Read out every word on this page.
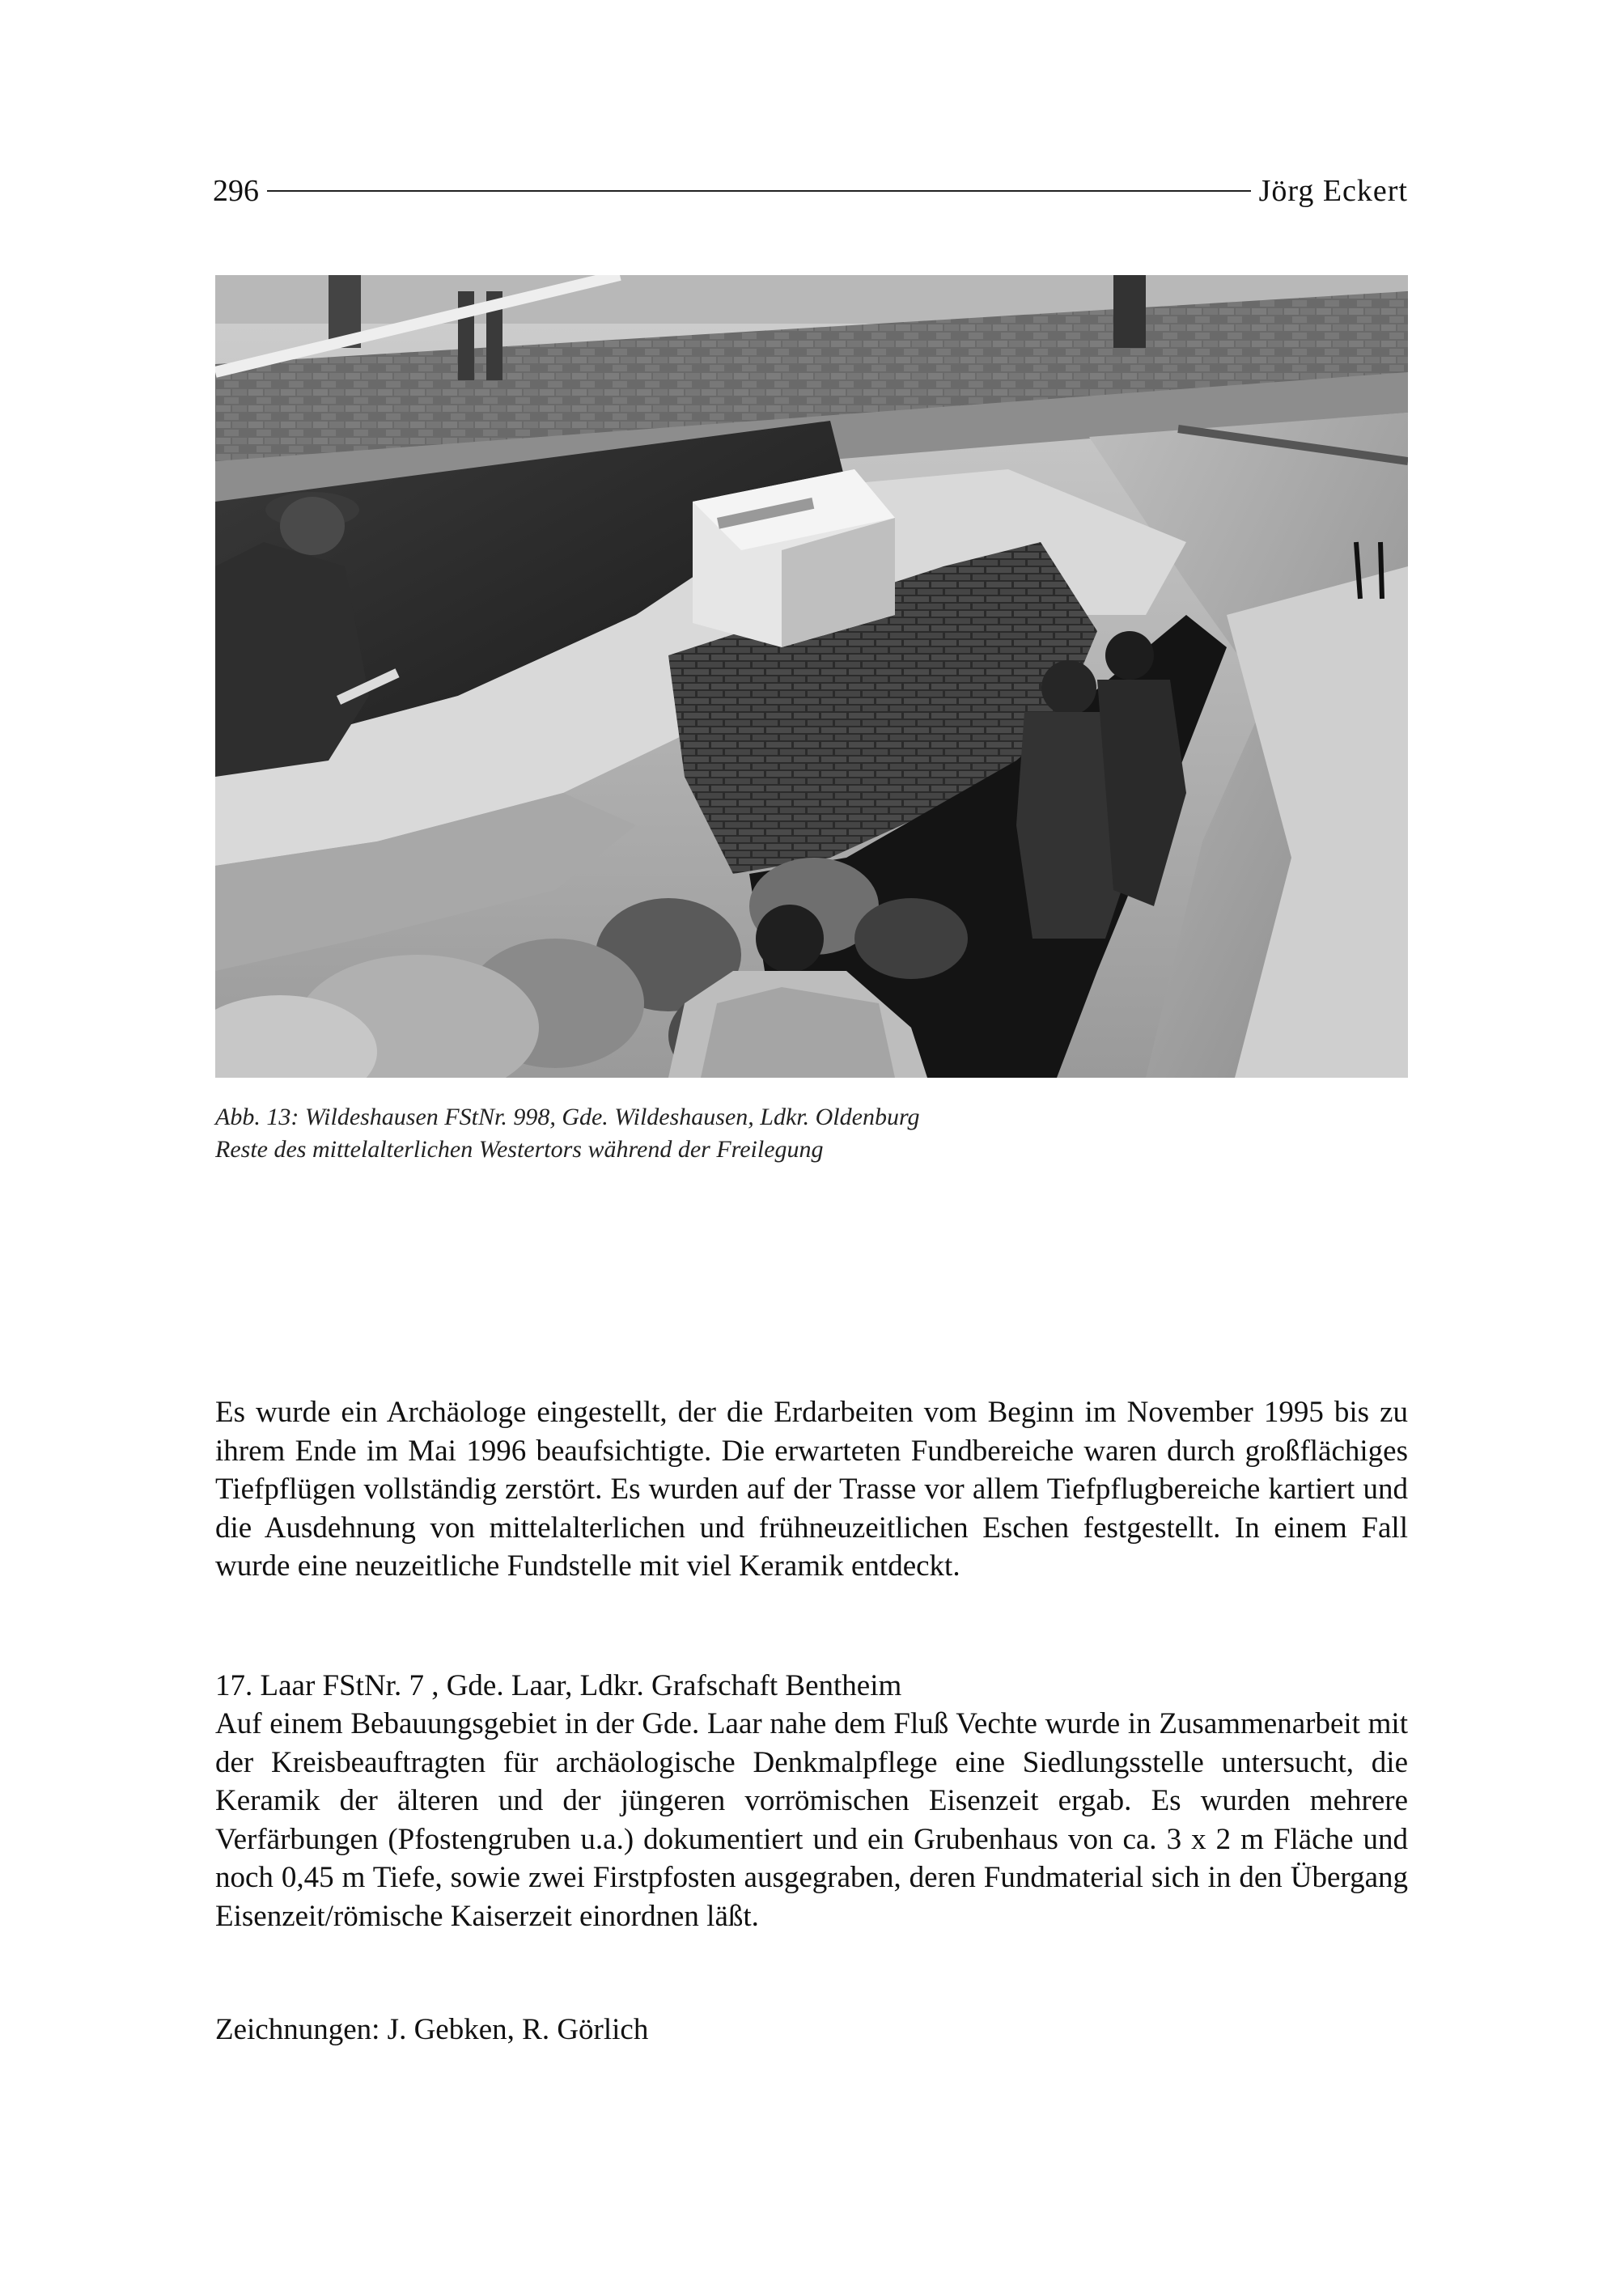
296	Jörg Eckert
Abb. 13: Wildeshausen FStNr. 998, Gde. Wildeshausen, Ldkr. Oldenburg
Reste des mittelalterlichen Westertors während der Freilegung
Es wurde ein Archäologe eingestellt, der die Erdarbeiten vom Beginn im November 1995 bis zu ihrem Ende im Mai 1996 beaufsichtigte. Die erwarteten Fundbereiche waren durch großflächiges Tiefpflügen vollständig zerstört. Es wurden auf der Trasse vor allem Tiefpflugbereiche kartiert und die Ausdehnung von mittelalterlichen und frühneuzeitlichen Eschen festgestellt. In einem Fall wurde eine neuzeitliche Fundstelle mit viel Keramik entdeckt.
17. Laar FStNr. 7 , Gde. Laar, Ldkr. Grafschaft Bentheim
Auf einem Bebauungsgebiet in der Gde. Laar nahe dem Fluß Vechte wurde in Zusammenarbeit mit der Kreisbeauftragten für archäologische Denkmalpflege eine Siedlungsstelle untersucht, die Keramik der älteren und der jüngeren vorrömischen Eisenzeit ergab. Es wurden mehrere Verfärbungen (Pfostengruben u.a.) dokumentiert und ein Grubenhaus von ca. 3 x 2 m Fläche und noch 0,45 m Tiefe, sowie zwei Firstpfosten ausgegraben, deren Fundmaterial sich in den Übergang Eisenzeit/römische Kaiserzeit einordnen läßt.
Zeichnungen: J. Gebken, R. Görlich
